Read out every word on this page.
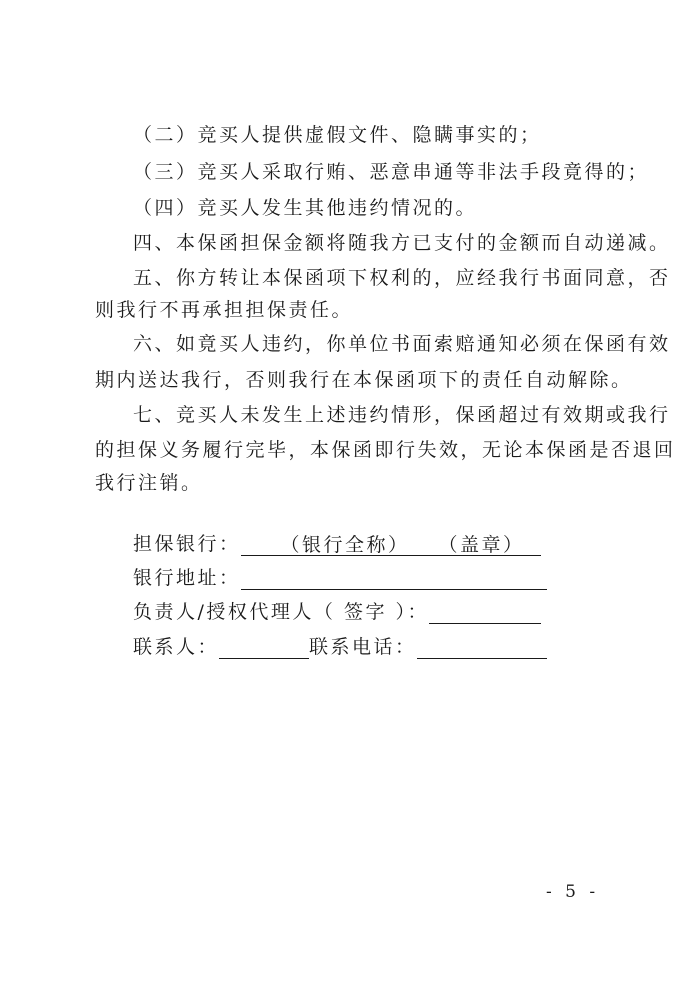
（二）竞买人提供虚假文件、隐瞒事实的；
（三）竞买人采取行贿、恶意串通等非法手段竟得的；
（四）竞买人发生其他违约情况的。
四、本保函担保金额将随我方已支付的金额而自动递减。
五、你方转让本保函项下权利的，应经我行书面同意，否
则我行不再承担担保责任。
六、如竟买人违约，你单位书面索赔通知必须在保函有效
期内送达我行，否则我行在本保函项下的责任自动解除。
七、竞买人未发生上述违约情形，保函超过有效期或我行
的担保义务履行完毕，本保函即行失效，无论本保函是否退回
我行注销。
担保银行： （银行全称） （盖章）
银行地址：
负责人/授权代理人（ 签字 ）：
联系人：	联系电话：
- 5 -
